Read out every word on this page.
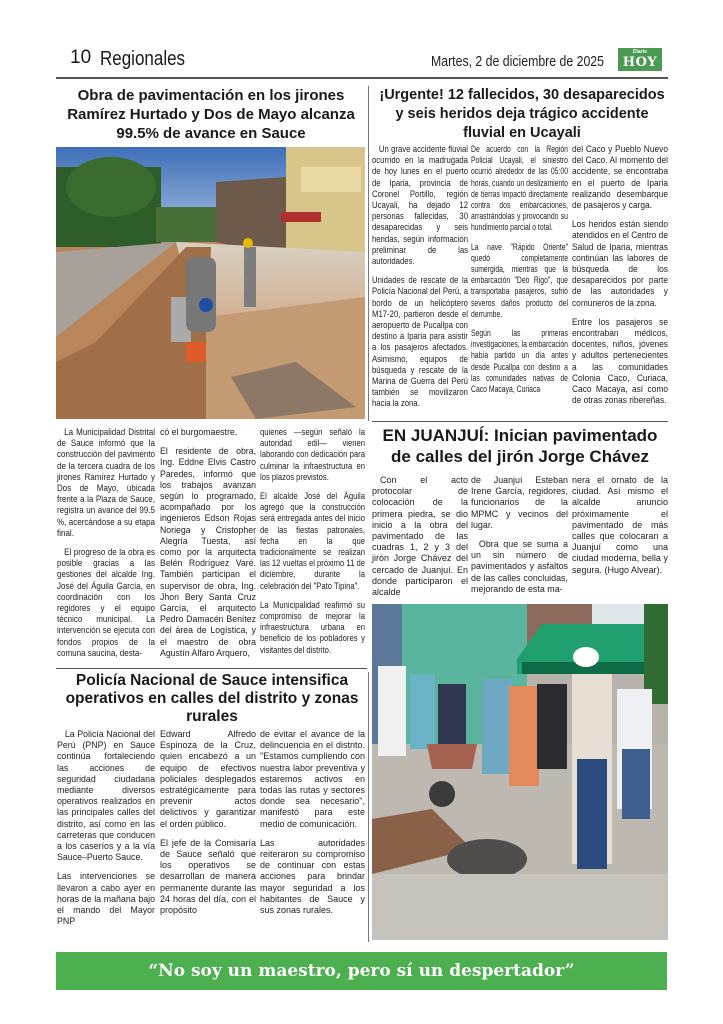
10 Regionales	Martes, 2 de diciembre de 2025
Diario
HOY
Obra de pavimentación en los jirones Ramírez Hurtado y Dos de Mayo alcanza 99.5% de avance en Sauce

La Municipalidad Distrital de Sauce informó que la construcción del pavimento de la tercera cuadra de los jirones Ramírez Hurtado y Dos de Mayo, ubicada frente a la Plaza de Sauce, registra un avance del 99.5 %, acercándose a su etapa final.

El progreso de la obra es posible gracias a las gestiones del alcalde Ing. José del Águila García, en coordinación con los regidores y el equipo técnico municipal. La intervención se ejecuta con fondos propios de la comuna saucina, desta-

có el burgomaestre.

El residente de obra, Ing. Eddne Elvis Castro Paredes, informó que los trabajos avanzan según lo programado, acompañado por los ingenieros Edson Rojas Noriega y Cristopher Alegría Tuesta, así como por la arquitecta Belén Rodríguez Varé. También participan el supervisor de obra, Ing. Jhon Bery Santa Cruz García, el arquitecto Pedro Damacén Benítez del área de Logística, y el maestro de obra Agustín Alfaro Arquero,

quienes —según señaló la autoridad edil— vienen laborando con dedicación para culminar la infraestructura en los plazos previstos.

El alcalde José del Águila agregó que la construcción será entregada antes del inicio de las fiestas patronales, fecha en la que tradicionalmente se realizan las 12 vueltas el próximo 11 de diciembre, durante la celebración del "Pato Tipina".

La Municipalidad reafirmó su compromiso de mejorar la infraestructura urbana en beneficio de los pobladores y visitantes del distrito.

¡Urgente! 12 fallecidos, 30 desaparecidos y seis heridos deja trágico accidente fluvial en Ucayali

Un grave accidente fluvial ocurrido en la madrugada de hoy lunes en el puerto de Iparia, provincia de Coronel Portillo, región Ucayali, ha dejado 12 personas fallecidas, 30 desaparecidas y seis heridas, según información preliminar de las autoridades.

Unidades de rescate de la Policía Nacional del Perú, a bordo de un helicóptero M17-20, partieron desde el aeropuerto de Pucallpa con destino a Iparia para asistir a los pasajeros afectados. Asimismo, equipos de búsqueda y rescate de la Marina de Guerra del Perú también se movilizaron hacia la zona.

De acuerdo con la Región Policial Ucayali, el siniestro ocurrió alrededor de las 05:00 horas, cuando un deslizamiento de tierras impactó directamente contra dos embarcaciones, arrastrándolas y provocando su hundimiento parcial o total.

La nave "Rápido Oriente" quedó completamente sumergida, mientras que la embarcación "Deo Rigo", que transportaba pasajeros, sufrió severos daños producto del derrumbe.

Según las primeras investigaciones, la embarcación había partido un día antes desde Pucallpa con destino a las comunidades nativas de Caco Macaya, Curiaca

del Caco y Pueblo Nuevo del Caco. Al momento del accidente, se encontraba en el puerto de Iparia realizando desembarque de pasajeros y carga.

Los heridos están siendo atendidos en el Centro de Salud de Iparia, mientras continúan las labores de búsqueda de los desaparecidos por parte de las autoridades y comuneros de la zona.

Entre los pasajeros se encontraban médicos, docentes, niños, jóvenes y adultos pertenecientes a las comunidades Colonia Caco, Curiaca, Caco Macaya, así como de otras zonas ribereñas.

EN JUANJUÍ: Inician pavimentado de calles del jirón Jorge Chávez

Con el acto protocolar de colocación de la primera piedra, se dio inicio a la obra del pavimentado de las cuadras 1, 2 y 3 del jirón Jorge Chávez del cercado de Juanjuí. En donde participaron el alcalde

de Juanjuí Esteban Irene García, regidores, funcionarios de la MPMC y vecinos del lugar.

Obra que se suma a un sin número de pavimentados y asfaltos de las calles concluidas, mejorando de esta ma-

nera el ornato de la ciudad. Así mismo el alcalde anuncio próximamente el pavimentado de más calles que colocaran a Juanjuí como una ciudad moderna, bella y segura. (Hugo Alvear).

Policía Nacional de Sauce intensifica operativos en calles del distrito y zonas rurales

La Policía Nacional del Perú (PNP) en Sauce continúa fortaleciendo las acciones de seguridad ciudadana mediante diversos operativos realizados en las principales calles del distrito, así como en las carreteras que conducen a los caseríos y a la vía Sauce–Puerto Sauce.

Las intervenciones se llevaron a cabo ayer en horas de la mañana bajo el mando del Mayor PNP

Edward Alfredo Espinoza de la Cruz, quien encabezó a un equipo de efectivos policiales desplegados estratégicamente para prevenir actos delictivos y garantizar el orden público.

El jefe de la Comisaría de Sauce señaló que los operativos se desarrollan de manera permanente durante las 24 horas del día, con el propósito

de evitar el avance de la delincuencia en el distrito. "Estamos cumpliendo con nuestra labor preventiva y estaremos activos en todas las rutas y sectores donde sea necesario", manifestó para este medio de comunicación.

Las autoridades reiteraron su compromiso de continuar con estas acciones para brindar mayor seguridad a los habitantes de Sauce y sus zonas rurales.

“No soy un maestro, pero sí un despertador”
